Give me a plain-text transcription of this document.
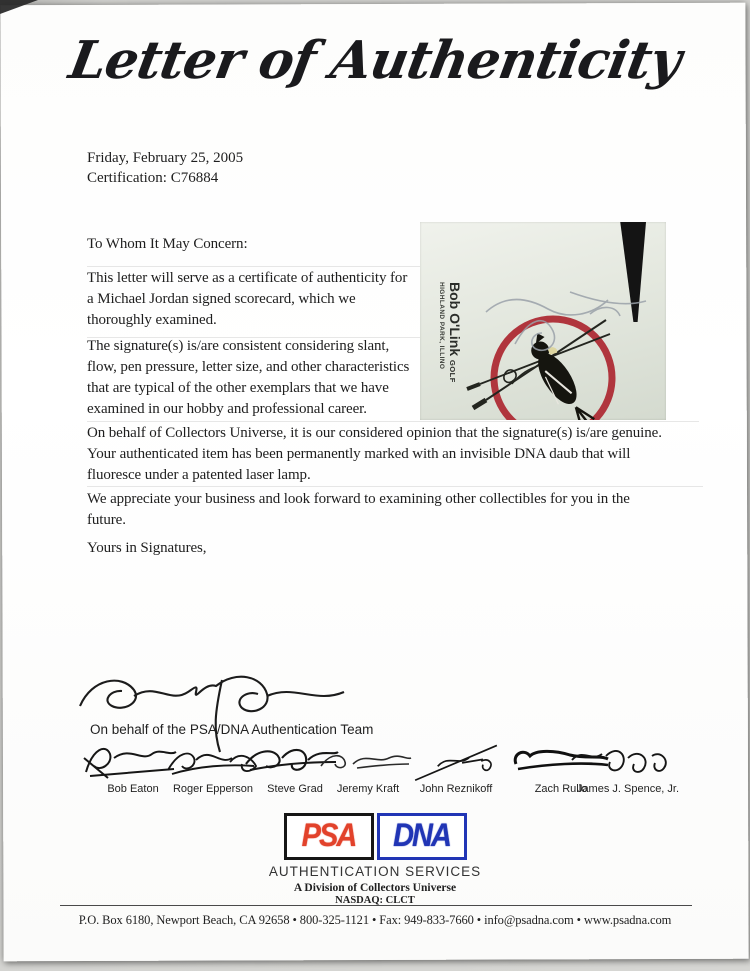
Letter of Authenticity
Friday, February 25, 2005
Certification: C76884
To Whom It May Concern:
This letter will serve as a certificate of authenticity for
a Michael Jordan signed scorecard, which we
thoroughly examined.
The signature(s) is/are consistent considering slant,
flow, pen pressure, letter size, and other characteristics
that are typical of the other exemplars that we have
examined in our hobby and professional career.
On behalf of Collectors Universe, it is our considered opinion that the signature(s) is/are genuine.
Your authenticated item has been permanently marked with an invisible DNA daub that will
fluoresce under a patented laser lamp.
We appreciate your business and look forward to examining other collectibles for you in the
future.
Yours in Signatures,
Bob O'Link GOLF
HIGHLAND PARK, ILLINO
On behalf of the PSA/DNA Authentication Team
Bob Eaton	Roger Epperson	Steve Grad	Jeremy Kraft	John Reznikoff	Zach Rullo
James J. Spence, Jr.
PSA DNA
AUTHENTICATION SERVICES
A Division of Collectors Universe
NASDAQ: CLCT
P.O. Box 6180, Newport Beach, CA 92658 • 800-325-1121 • Fax: 949-833-7660 • info@psadna.com • www.psadna.com
